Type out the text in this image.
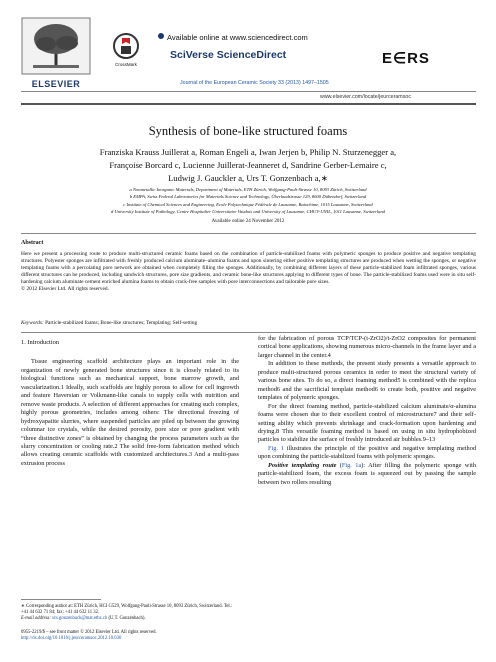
ELSEVIER
CrossMark
Available online at www.sciencedirect.com
SciVerse ScienceDirect
Journal of the European Ceramic Society 33 (2013) 1497–1505
E∈RS
www.elsevier.com/locate/jeurceramsoc
Synthesis of bone-like structured foams
Franziska Krauss Juillerat a, Roman Engeli a, Iwan Jerjen b, Philip N. Sturzenegger a,
Françoise Borcard c, Lucienne Juillerat-Jeanneret d, Sandrine Gerber-Lemaire c,
Ludwig J. Gauckler a, Urs T. Gonzenbach a,∗
a Nonmetallic Inorganic Materials, Department of Materials, ETH Zürich, Wolfgang-Pauli-Strasse 10, 8093 Zürich, Switzerland
b EMPA, Swiss Federal Laboratories for Materials Science and Technology, Überlandstrasse 129, 8600 Dübendorf, Switzerland
c Institute of Chemical Sciences and Engineering, Ecole Polytechnique Fédérale de Lausanne, Batochime, 1015 Lausanne, Switzerland
d University Institute of Pathology, Centre Hospitalier Universitaire Vaudois and University of Lausanne, CHUV-UNIL, 1011 Lausanne, Switzerland
Available online 24 November 2012
Abstract
Here we present a processing route to produce multi-structured ceramic foams based on the combination of particle-stabilized foams with polymeric sponges to produce positive and negative templating structures. Polyester sponges are infiltrated with freshly produced calcium aluminate–alumina foams and upon sintering either positive templating structures are produced when wetting the sponges, or negative templating foams with a percolating pore network are obtained when completely filling the sponges. Additionally, by combining different layers of these particle-stabilized foam infiltrated sponges, various different structures can be produced, including sandwich structures, pore size gradients, and ceramic bone-like structures applying to different types of bone. The particle-stabilized foams used were in situ self-hardening calcium aluminate cement enriched alumina foams to obtain crack-free samples with pore interconnections and tailorable pore sizes.
© 2012 Elsevier Ltd. All rights reserved.
Keywords: Particle-stabilized foams; Bone-like structures; Templating; Self-setting
1. Introduction

Tissue engineering scaffold architecture plays an important role in the organization of newly generated bone structures since it is closely related to its biological functions such as mechanical support, bone marrow growth, and vascularization.1 Ideally, such scaffolds are highly porous to allow for cell ingrowth and feature Haversian or Volkmann-like canals to supply cells with nutrition and remove waste products. A selection of different approaches for creating such complex, highly porous geometries, includes among others: The directional freezing of hydroxyapatite slurries, where suspended particles are piled up between the growing columnar ice crystals, while the desired porosity, pore size or pore gradient with “three distinctive zones” is obtained by changing the process parameters such as the slurry concentration or cooling rate.2 The solid free-form fabrication method which allows creating ceramic scaffolds with customized architectures.3 And a multi-pass extrusion process

for the fabrication of porous TCP/TCP-(t-ZrO2)/t-ZrO2 composites for permanent cortical bone applications, showing numerous micro-channels in the frame layer and a larger channel in the center.4

In addition to these methods, the present study presents a versatile approach to produce multi-structured porous ceramics in order to meet the structural variety of various bone sites. To do so, a direct foaming method5 is combined with the replica method6 and the sacrificial template method6 to create both, positive and negative templates of polymeric sponges.

For the direct foaming method, particle-stabilized calcium aluminate/α-alumina foams were chosen due to their excellent control of microstructure7 and their self-setting ability which prevents shrinkage and crack-formation upon hardening and drying.8 This versatile foaming method is based on using in situ hydrophobized particles to stabilize the surface of freshly introduced air bubbles.9–13

Fig. 1 illustrates the principle of the positive and negative templating method upon combining the particle-stabilized foams with polymeric sponges.

Positive templating route (Fig. 1a): After filling the polymeric sponge with particle-stabilized foam, the excess foam is squeezed out by passing the sample between two rollers resulting

∗ Corresponding author at: ETH Zürich, HCI G529, Wolfgang-Pauli-Strasse 10, 8093 Zürich, Switzerland. Tel.: +41 44 632 71 84; fax: +41 44 632 11 32.
E-mail address: urs.gonzenbach@mat.ethz.ch (U.T. Gonzenbach).
0955-2219/$ – see front matter © 2012 Elsevier Ltd. All rights reserved.
http://dx.doi.org/10.1016/j.jeurceramsoc.2012.10.030
